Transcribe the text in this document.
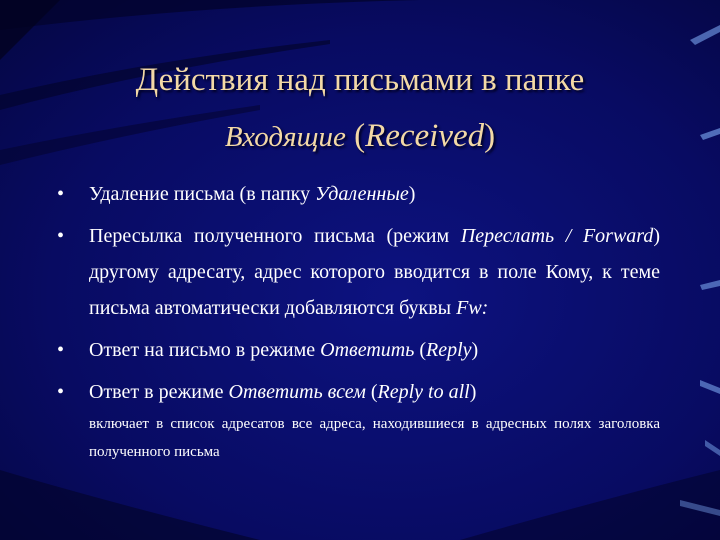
Действия над письмами в папке
Входящие (Received)
• Удаление письма (в папку Удаленные)
• Пересылка полученного письма (режим Переслать / Forward) другому адресату, адрес которого вводится в поле Кому, к теме письма автоматически добавляются буквы Fw:
• Ответ на письмо в режиме Ответить (Reply)
• Ответ в режиме Ответить всем (Reply to all)
включает в список адресатов все адреса, находившиеся в адресных полях заголовка полученного письма
